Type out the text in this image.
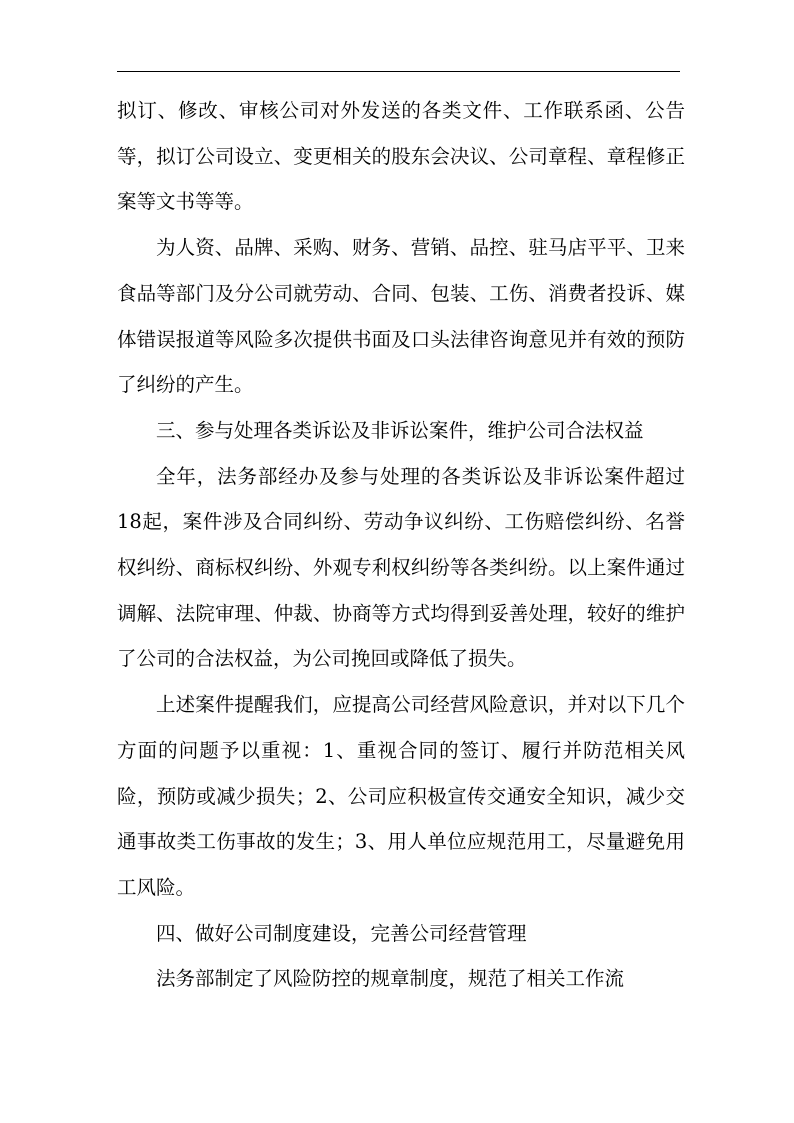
拟订、修改、审核公司对外发送的各类文件、工作联系函、公告等，拟订公司设立、变更相关的股东会决议、公司章程、章程修正案等文书等等。

为人资、品牌、采购、财务、营销、品控、驻马店平平、卫来食品等部门及分公司就劳动、合同、包装、工伤、消费者投诉、媒体错误报道等风险多次提供书面及口头法律咨询意见并有效的预防了纠纷的产生。

三、参与处理各类诉讼及非诉讼案件，维护公司合法权益

全年，法务部经办及参与处理的各类诉讼及非诉讼案件超过18起，案件涉及合同纠纷、劳动争议纠纷、工伤赔偿纠纷、名誉权纠纷、商标权纠纷、外观专利权纠纷等各类纠纷。以上案件通过调解、法院审理、仲裁、协商等方式均得到妥善处理，较好的维护了公司的合法权益，为公司挽回或降低了损失。

上述案件提醒我们，应提高公司经营风险意识，并对以下几个方面的问题予以重视：1、重视合同的签订、履行并防范相关风险，预防或减少损失；2、公司应积极宣传交通安全知识，减少交通事故类工伤事故的发生；3、用人单位应规范用工，尽量避免用工风险。

四、做好公司制度建设，完善公司经营管理

法务部制定了风险防控的规章制度，规范了相关工作流
